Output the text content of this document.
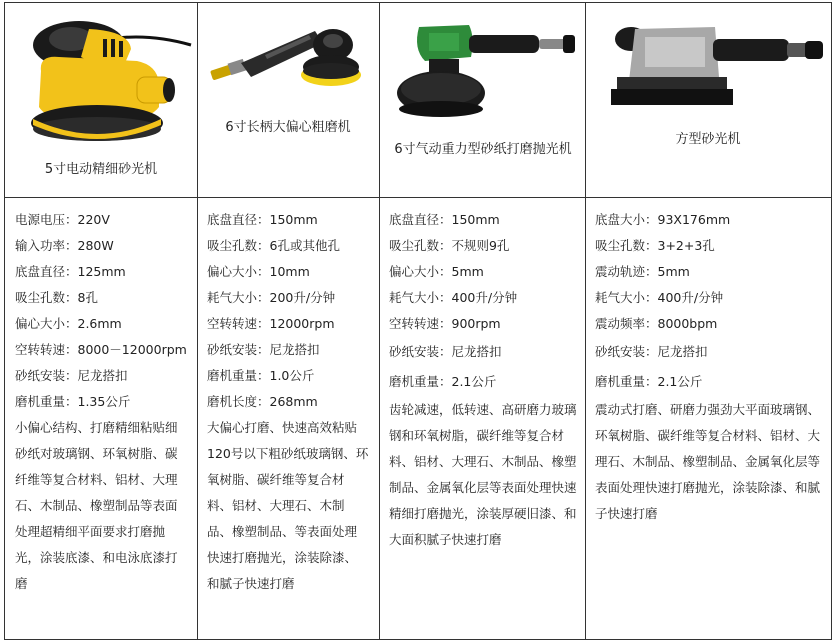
5寸电动精细砂光机
电源电压：220V
输入功率：280W
底盘直径：125mm
吸尘孔数：8孔
偏心大小：2.6mm
空转转速：8000－12000rpm
砂纸安装：尼龙搭扣
磨机重量：1.35公斤
小偏心结构、打磨精细粘贴细砂纸对玻璃钢、环氧树脂、碳纤维等复合材料、铝材、大理石、木制品、橡塑制品等表面处理超精细平面要求打磨抛光，涂装底漆、和电泳底漆打磨
6寸长柄大偏心粗磨机
底盘直径：150mm
吸尘孔数：6孔或其他孔
偏心大小：10mm
耗气大小：200升/分钟
空转转速：12000rpm
砂纸安装：尼龙搭扣
磨机重量：1.0公斤
磨机长度：268mm
大偏心打磨、快速高效粘贴120号以下粗砂纸玻璃钢、环氧树脂、碳纤维等复合材料、铝材、大理石、木制品、橡塑制品、等表面处理快速打磨抛光，涂装除漆、和腻子快速打磨
6寸气动重力型砂纸打磨抛光机
底盘直径：150mm
吸尘孔数：不规则9孔
偏心大小：5mm
耗气大小：400升/分钟
空转转速：900rpm
砂纸安装：尼龙搭扣
磨机重量：2.1公斤
齿轮减速，低转速、高研磨力玻璃钢和环氧树脂，碳纤维等复合材料、铝材、大理石、木制品、橡塑制品、金属氧化层等表面处理快速精细打磨抛光，涂装厚硬旧漆、和大面积腻子快速打磨
方型砂光机
底盘大小：93X176mm
吸尘孔数：3+2+3孔
震动轨迹：5mm
耗气大小：400升/分钟
震动频率：8000bpm
砂纸安装：尼龙搭扣
磨机重量：2.1公斤
震动式打磨、研磨力强劲大平面玻璃钢、环氧树脂、碳纤维等复合材料、铝材、大理石、木制品、橡塑制品、金属氧化层等表面处理快速打磨抛光，涂装除漆、和腻子快速打磨
